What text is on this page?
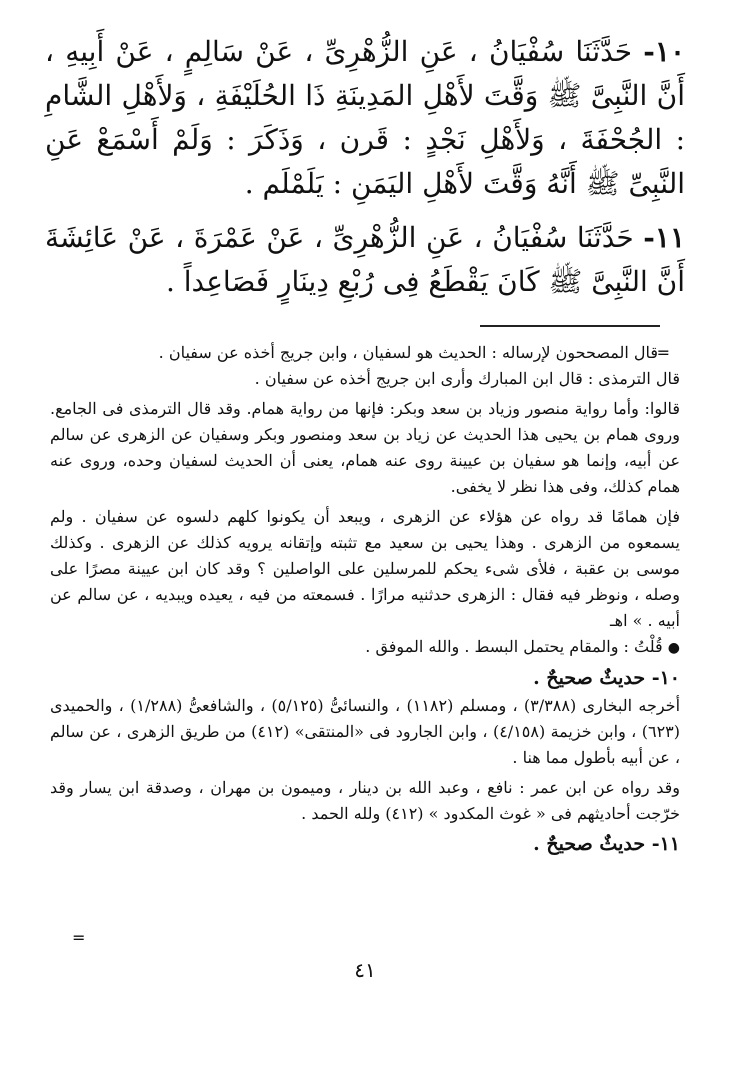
١٠- حَدَّثَنَا سُفْيَانُ ، عَنِ الزُّهْرِىِّ ، عَنْ سَالِمٍ ، عَنْ أَبِيهِ ، أَنَّ النَّبِىَّ ﷺ وَقَّتَ لأَهْلِ المَدِينَةِ ذَا الحُلَيْفَةِ ، وَلأَهْلِ الشَّامِ : الجُحْفَةَ ، وَلأَهْلِ نَجْدٍ : قَرن ، وَذَكَرَ : وَلَمْ أَسْمَعْ عَنِ النَّبِىِّ ﷺ أَنَّهُ وَقَّتَ لأَهْلِ اليَمَنِ : يَلَمْلَم .

١١- حَدَّثَنَا سُفْيَانُ ، عَنِ الزُّهْرِىِّ ، عَنْ عَمْرَةَ ، عَنْ عَائِشَةَ أَنَّ النَّبِىَّ ﷺ كَانَ يَقْطَعُ فِى رُبْعِ دِينَارٍ فَصَاعِداً .

=

قال المصححون لإرساله : الحديث هو لسفيان ، وابن جريج أخذه عن سفيان .

قال الترمذى : قال ابن المبارك وأرى ابن جريج أخذه عن سفيان .

قالوا: وأما رواية منصور وزياد بن سعد وبكر: فإنها من رواية همام. وقد قال الترمذى فى الجامع. وروى همام بن يحيى هذا الحديث عن زياد بن سعد ومنصور وبكر وسفيان عن الزهرى عن سالم عن أبيه، وإنما هو سفيان بن عيينة روى عنه همام، يعنى أن الحديث لسفيان وحده، وروى عنه همام كذلك، وفى هذا نظر لا يخفى.

فإن همامًا قد رواه عن هؤلاء عن الزهرى ، ويبعد أن يكونوا كلهم دلسوه عن سفيان . ولم يسمعوه من الزهرى . وهذا يحيى بن سعيد مع تثبته وإتقانه يرويه كذلك عن الزهرى . وكذلك موسى بن عقبة ، فلأى شىء يحكم للمرسلين على الواصلين ؟ وقد كان ابن عيينة مصرًا على وصله ، ونوظر فيه فقال : الزهرى حدثنيه مرارًا . فسمعته من فيه ، يعيده ويبديه ، عن سالم عن أبيه . » اهـ

● قُلْتُ : والمقام يحتمل البسط . والله الموفق .

١٠- حديثٌ صحيحٌ .

أخرجه البخارى (٣/٣٨٨) ، ومسلم (١١٨٢) ، والنسائىُّ (٥/١٢٥) ، والشافعىُّ (١/٢٨٨) ، والحميدى (٦٢٣) ، وابن خزيمة (٤/١٥٨) ، وابن الجارود فى «المنتقى» (٤١٢) من طريق الزهرى ، عن سالم ، عن أبيه بأطول مما هنا .

وقد رواه عن ابن عمر : نافع ، وعبد الله بن دينار ، وميمون بن مهران ، وصدقة ابن يسار وقد خرّجت أحاديثهم فى « غوث المكدود » (٤١٢) ولله الحمد .

١١- حديثٌ صحيحٌ .

=
٤١
